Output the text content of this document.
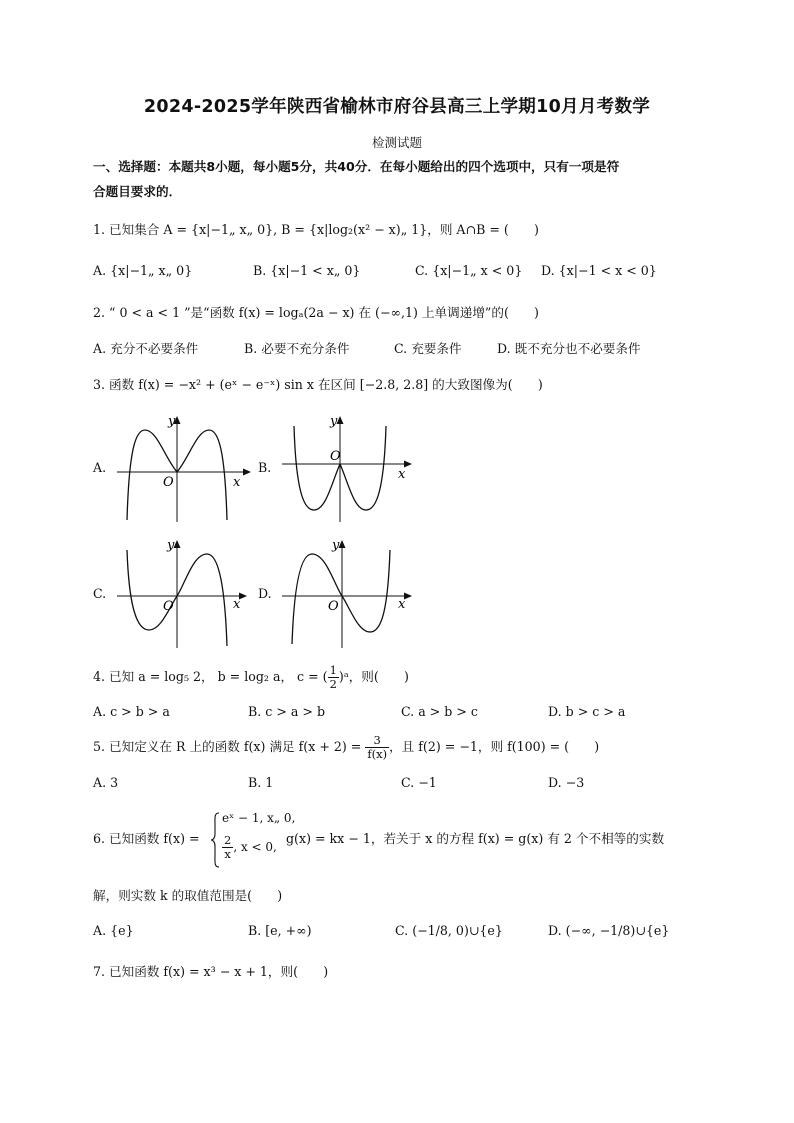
2024-2025学年陕西省榆林市府谷县高三上学期10月月考数学
检测试题
一、选择题：本题共8小题，每小题5分，共40分．在每小题给出的四个选项中，只有一项是符
合题目要求的．
1. 已知集合 A = {x|−1„ x„ 0}, B = {x|log₂(x² − x)„ 1}，则 A∩B = (　　)
A. {x|−1„ x„ 0}	B. {x|−1 < x„ 0}	C. {x|−1„ x < 0} D. {x|−1 < x < 0}
2. “ 0 < a < 1 ”是“函数 f(x) = logₐ(2a − x) 在 (−∞,1) 上单调递增”的(　　)
A. 充分不必要条件	B. 必要不充分条件	C. 充要条件	D. 既不充分也不必要条件
3. 函数 f(x) = −x² + (eˣ − e⁻ˣ) sin x 在区间 [−2.8, 2.8] 的大致图像为(　　)
A.
y
x
O
B.
y
x
O
C.
y
x
O
D.
y
x
O
4. 已知 a = log₅ 2， b = log₂ a， c = ( $\frac{1}{2}$ )ᵃ，则(　　)
A. c > b > a	B. c > a > b	C. a > b > c	D. b > c > a
5. 已知定义在 R 上的函数 f(x) 满足 $f(x + 2) = \frac{3}{f(x)}$ ，且 f(2) = −1，则 f(100) = (　　)
A. 3	B. 1	C. −1	D. −3
6. 已知函数 f(x) =
eˣ − 1, x„ 0,
$\frac{2}{x}$ , x < 0,
g(x) = kx − 1，若关于 x 的方程 f(x) = g(x) 有 2 个不相等的实数
解，则实数 k 的取值范围是(　　)
A. {e}	B. [e, +∞)	C. (−1/8, 0)∪{e}	D. (−∞, −1/8)∪{e}
7. 已知函数 f(x) = x³ − x + 1，则(　　)
